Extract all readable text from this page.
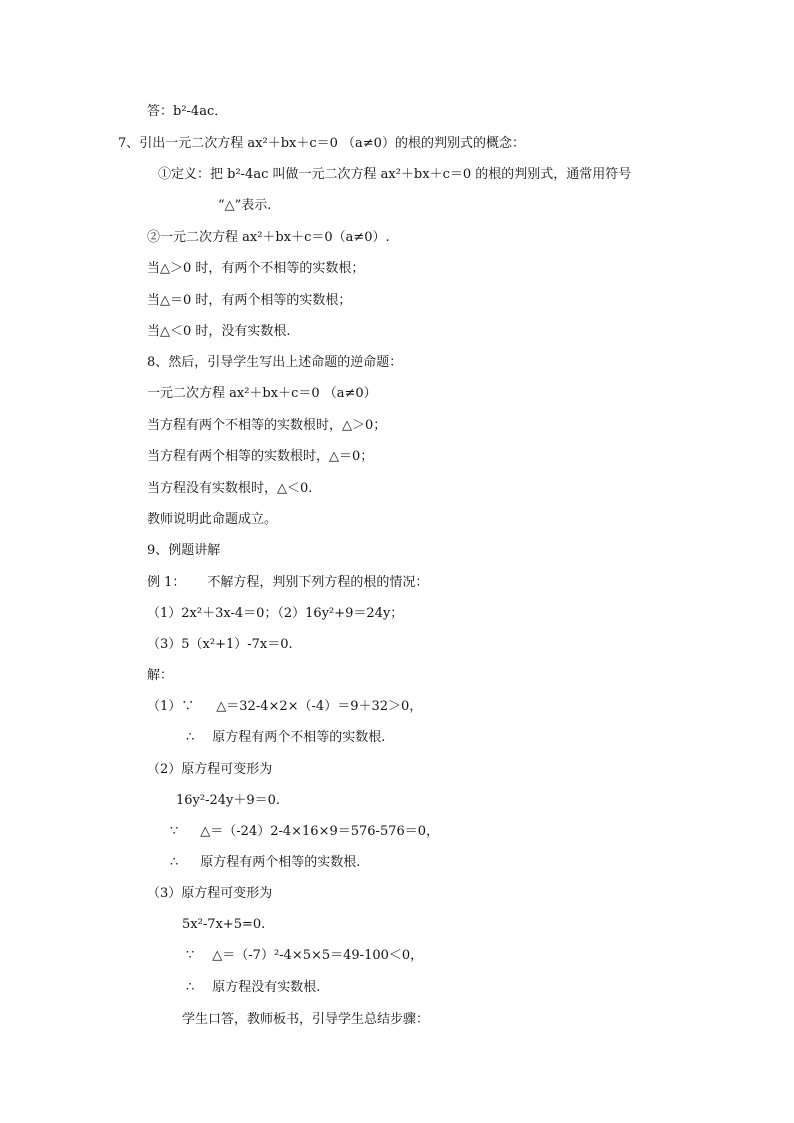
答：b²-4ac．
7、引出一元二次方程 ax²＋bx＋c＝0 （a≠0）的根的判别式的概念：
①定义：把 b²-4ac 叫做一元二次方程 ax²＋bx＋c＝0 的根的判别式，通常用符号
“△”表示.
②一元二次方程 ax²＋bx＋c＝0（a≠0）.
当△＞0 时，有两个不相等的实数根；
当△＝0 时，有两个相等的实数根；
当△＜0 时，没有实数根.
8、然后，引导学生写出上述命题的逆命题：
一元二次方程 ax²＋bx＋c＝0 （a≠0）
当方程有两个不相等的实数根时，△＞0；
当方程有两个相等的实数根时，△＝0；
当方程没有实数根时，△＜0.
教师说明此命题成立。
9、例题讲解
例 1： 不解方程，判别下列方程的根的情况：
（1）2x²＋3x-4＝0；（2）16y²+9＝24y；
（3）5（x²+1）-7x＝0.
解：
（1）∵ △＝32-4×2×（-4）＝9＋32＞0，
∴ 原方程有两个不相等的实数根.
（2）原方程可变形为
16y²-24y＋9＝0.
∵ △＝（-24）2-4×16×9＝576-576＝0，
∴ 原方程有两个相等的实数根.
（3）原方程可变形为
5x²-7x+5=0.
∵ △＝（-7）²-4×5×5＝49-100＜0，
∴ 原方程没有实数根.
学生口答，教师板书，引导学生总结步骤：
